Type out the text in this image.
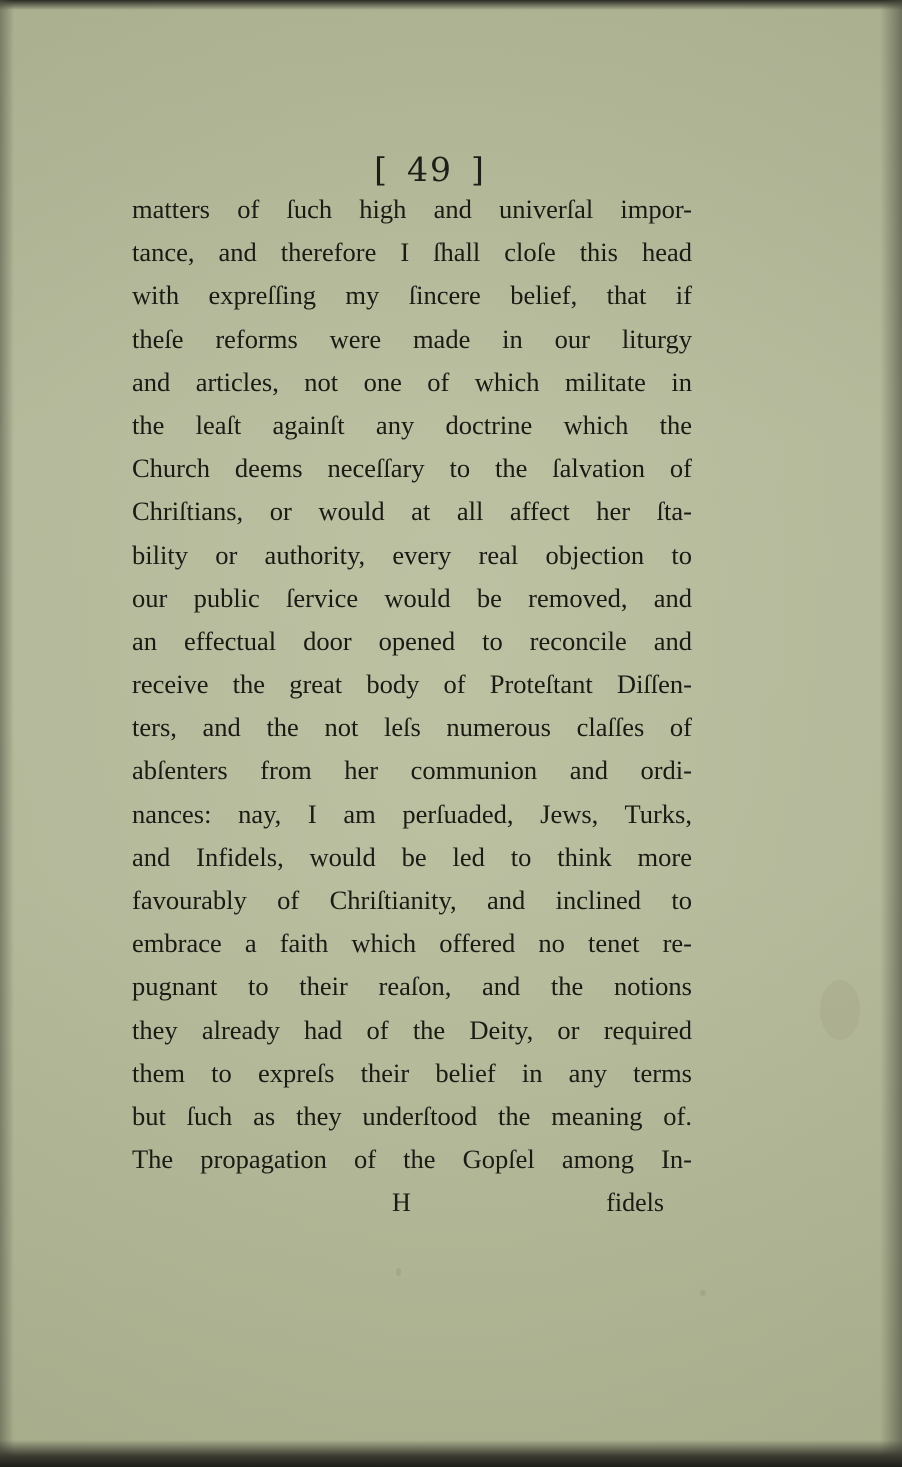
[ 49 ]
matters of ſuch high and univerſal impor-
tance, and therefore I ſhall cloſe this head
with expreſſing my ſincere belief, that if
theſe reforms were made in our liturgy
and articles, not one of which militate in
the leaſt againſt any doctrine which the
Church deems neceſſary to the ſalvation of
Chriſtians, or would at all affect her ſta-
bility or authority, every real objection to
our public ſervice would be removed, and
an effectual door opened to reconcile and
receive the great body of Proteſtant Diſſen-
ters, and the not leſs numerous claſſes of
abſenters from her communion and ordi-
nances: nay, I am perſuaded, Jews, Turks,
and Infidels, would be led to think more
favourably of Chriſtianity, and inclined to
embrace a faith which offered no tenet re-
pugnant to their reaſon, and the notions
they already had of the Deity, or required
them to expreſs their belief in any terms
but ſuch as they underſtood the meaning of.
The propagation of the Gopſel among In-
H	fidels
